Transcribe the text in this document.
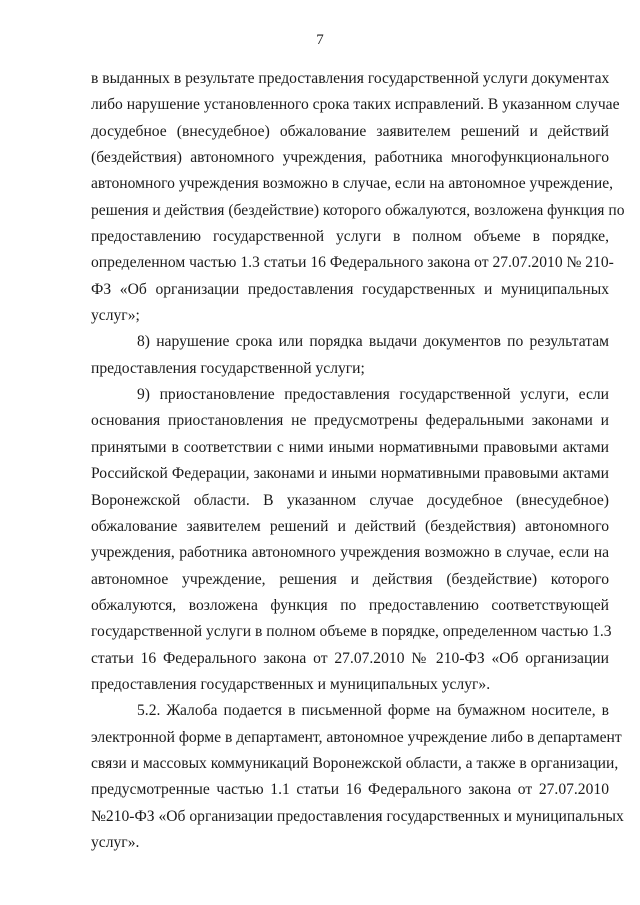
7
в выданных в результате предоставления государственной услуги документах
либо нарушение установленного срока таких исправлений. В указанном случае
досудебное (внесудебное) обжалование заявителем решений и действий
(бездействия) автономного учреждения, работника многофункционального
автономного учреждения возможно в случае, если на автономное учреждение,
решения и действия (бездействие) которого обжалуются, возложена функция по
предоставлению государственной услуги в полном объеме в порядке,
определенном частью 1.3 статьи 16 Федерального закона от 27.07.2010 № 210-
ФЗ «Об организации предоставления государственных и муниципальных
услуг»;
8) нарушение срока или порядка выдачи документов по результатам
предоставления государственной услуги;
9) приостановление предоставления государственной услуги, если
основания приостановления не предусмотрены федеральными законами и
принятыми в соответствии с ними иными нормативными правовыми актами
Российской Федерации, законами и иными нормативными правовыми актами
Воронежской области. В указанном случае досудебное (внесудебное)
обжалование заявителем решений и действий (бездействия) автономного
учреждения, работника автономного учреждения возможно в случае, если на
автономное учреждение, решения и действия (бездействие) которого
обжалуются, возложена функция по предоставлению соответствующей
государственной услуги в полном объеме в порядке, определенном частью 1.3
статьи 16 Федерального закона от 27.07.2010 № 210-ФЗ «Об организации
предоставления государственных и муниципальных услуг».
5.2. Жалоба подается в письменной форме на бумажном носителе, в
электронной форме в департамент, автономное учреждение либо в департамент
связи и массовых коммуникаций Воронежской области, а также в организации,
предусмотренные частью 1.1 статьи 16 Федерального закона от 27.07.2010
№210-ФЗ «Об организации предоставления государственных и муниципальных
услуг».
